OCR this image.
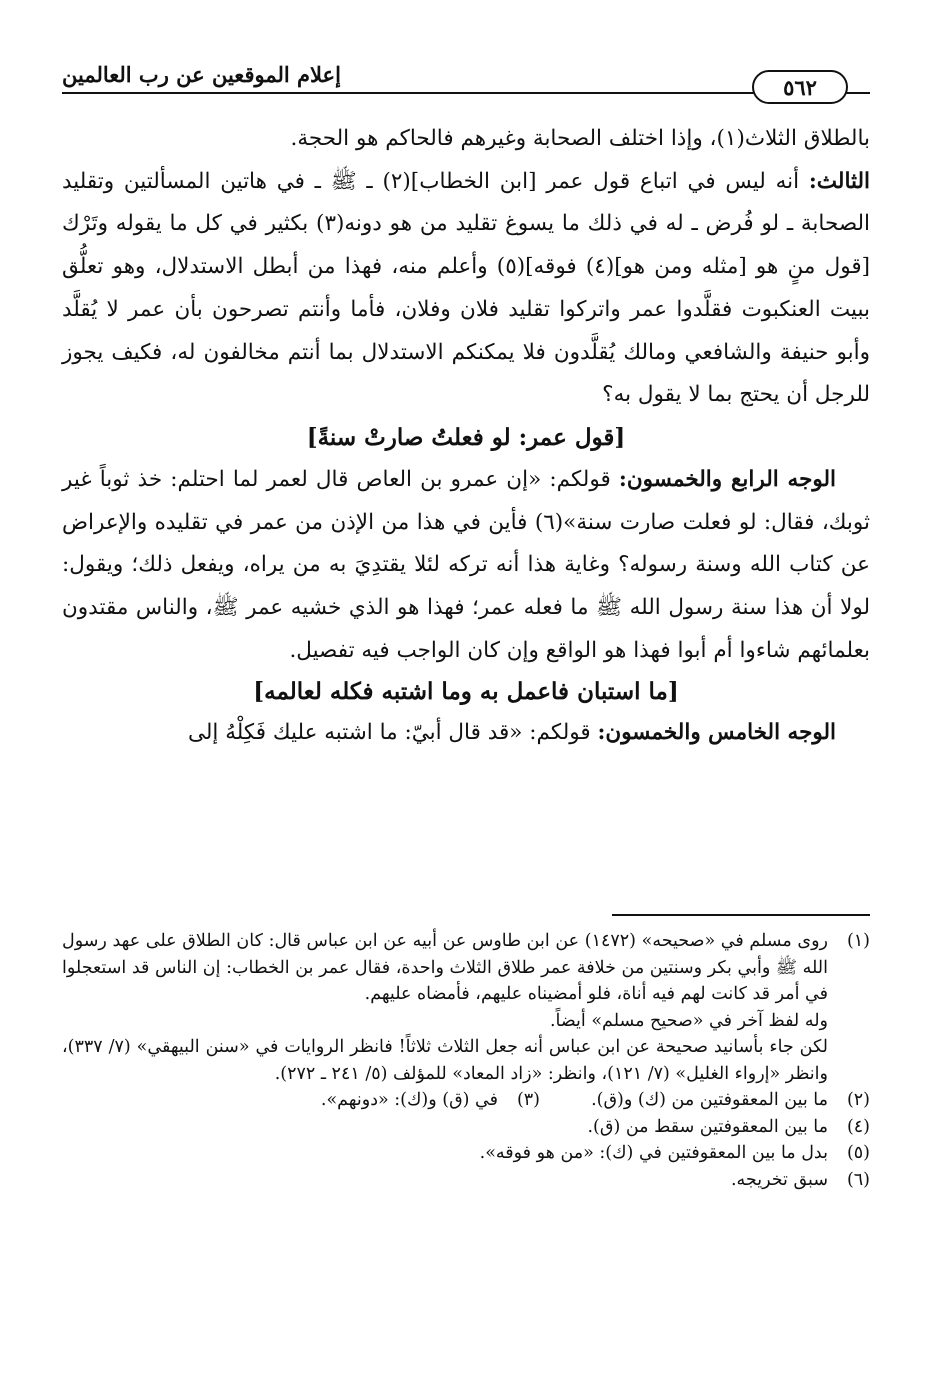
إعلام الموقعين عن رب العالمين	٥٦٢

بالطلاق الثلاث(١)، وإذا اختلف الصحابة وغيرهم فالحاكم هو الحجة.

الثالث: أنه ليس في اتباع قول عمر [ابن الخطاب](٢) ـ ﷺ ـ في هاتين المسألتين وتقليد الصحابة ـ لو فُرض ـ له في ذلك ما يسوغ تقليد من هو دونه(٣) بكثير في كل ما يقوله وتَرْك [قول منٍ هو [مثله ومن هو](٤) فوقه](٥) وأعلم منه، فهذا من أبطل الاستدلال، وهو تعلُّق ببيت العنكبوت فقلَّدوا عمر واتركوا تقليد فلان وفلان، فأما وأنتم تصرحون بأن عمر لا يُقلَّد وأبو حنيفة والشافعي ومالك يُقلَّدون فلا يمكنكم الاستدلال بما أنتم مخالفون له، فكيف يجوز للرجل أن يحتج بما لا يقول به؟

[قول عمر: لو فعلتُ صارتْ سنةً]

الوجه الرابع والخمسون: قولكم: «إن عمرو بن العاص قال لعمر لما احتلم: خذ ثوباً غير ثوبك، فقال: لو فعلت صارت سنة»(٦) فأين في هذا من الإذن من عمر في تقليده والإعراض عن كتاب الله وسنة رسوله؟ وغاية هذا أنه تركه لئلا يقتدِيَ به من يراه، ويفعل ذلك؛ ويقول: لولا أن هذا سنة رسول الله ﷺ ما فعله عمر؛ فهذا هو الذي خشيه عمر ﷺ، والناس مقتدون بعلمائهم شاءوا أم أبوا فهذا هو الواقع وإن كان الواجب فيه تفصيل.

[ما استبان فاعمل به وما اشتبه فكله لعالمه]

الوجه الخامس والخمسون: قولكم: «قد قال أبيّ: ما اشتبه عليك فَكِلْهُ إلى

(١)
روى مسلم في «صحيحه» (١٤٧٢) عن ابن طاوس عن أبيه عن ابن عباس قال: كان الطلاق على عهد رسول الله ﷺ وأبي بكر وسنتين من خلافة عمر طلاق الثلاث واحدة، فقال عمر بن الخطاب: إن الناس قد استعجلوا في أمر قد كانت لهم فيه أناة، فلو أمضيناه عليهم، فأمضاه عليهم.
وله لفظ آخر في «صحيح مسلم» أيضاً.
لكن جاء بأسانيد صحيحة عن ابن عباس أنه جعل الثلاث ثلاثاً! فانظر الروايات في «سنن البيهقي» (٧/ ٣٣٧)، وانظر «إرواء الغليل» (٧/ ١٢١)، وانظر: «زاد المعاد» للمؤلف (٥/ ٢٤١ ـ ٢٧٢).
(٢)
ما بين المعقوفتين من (ك) و(ق).
(٣)
في (ق) و(ك): «دونهم».
(٤)
ما بين المعقوفتين سقط من (ق).
(٥)
بدل ما بين المعقوفتين في (ك): «من هو فوقه».
(٦)
سبق تخريجه.
